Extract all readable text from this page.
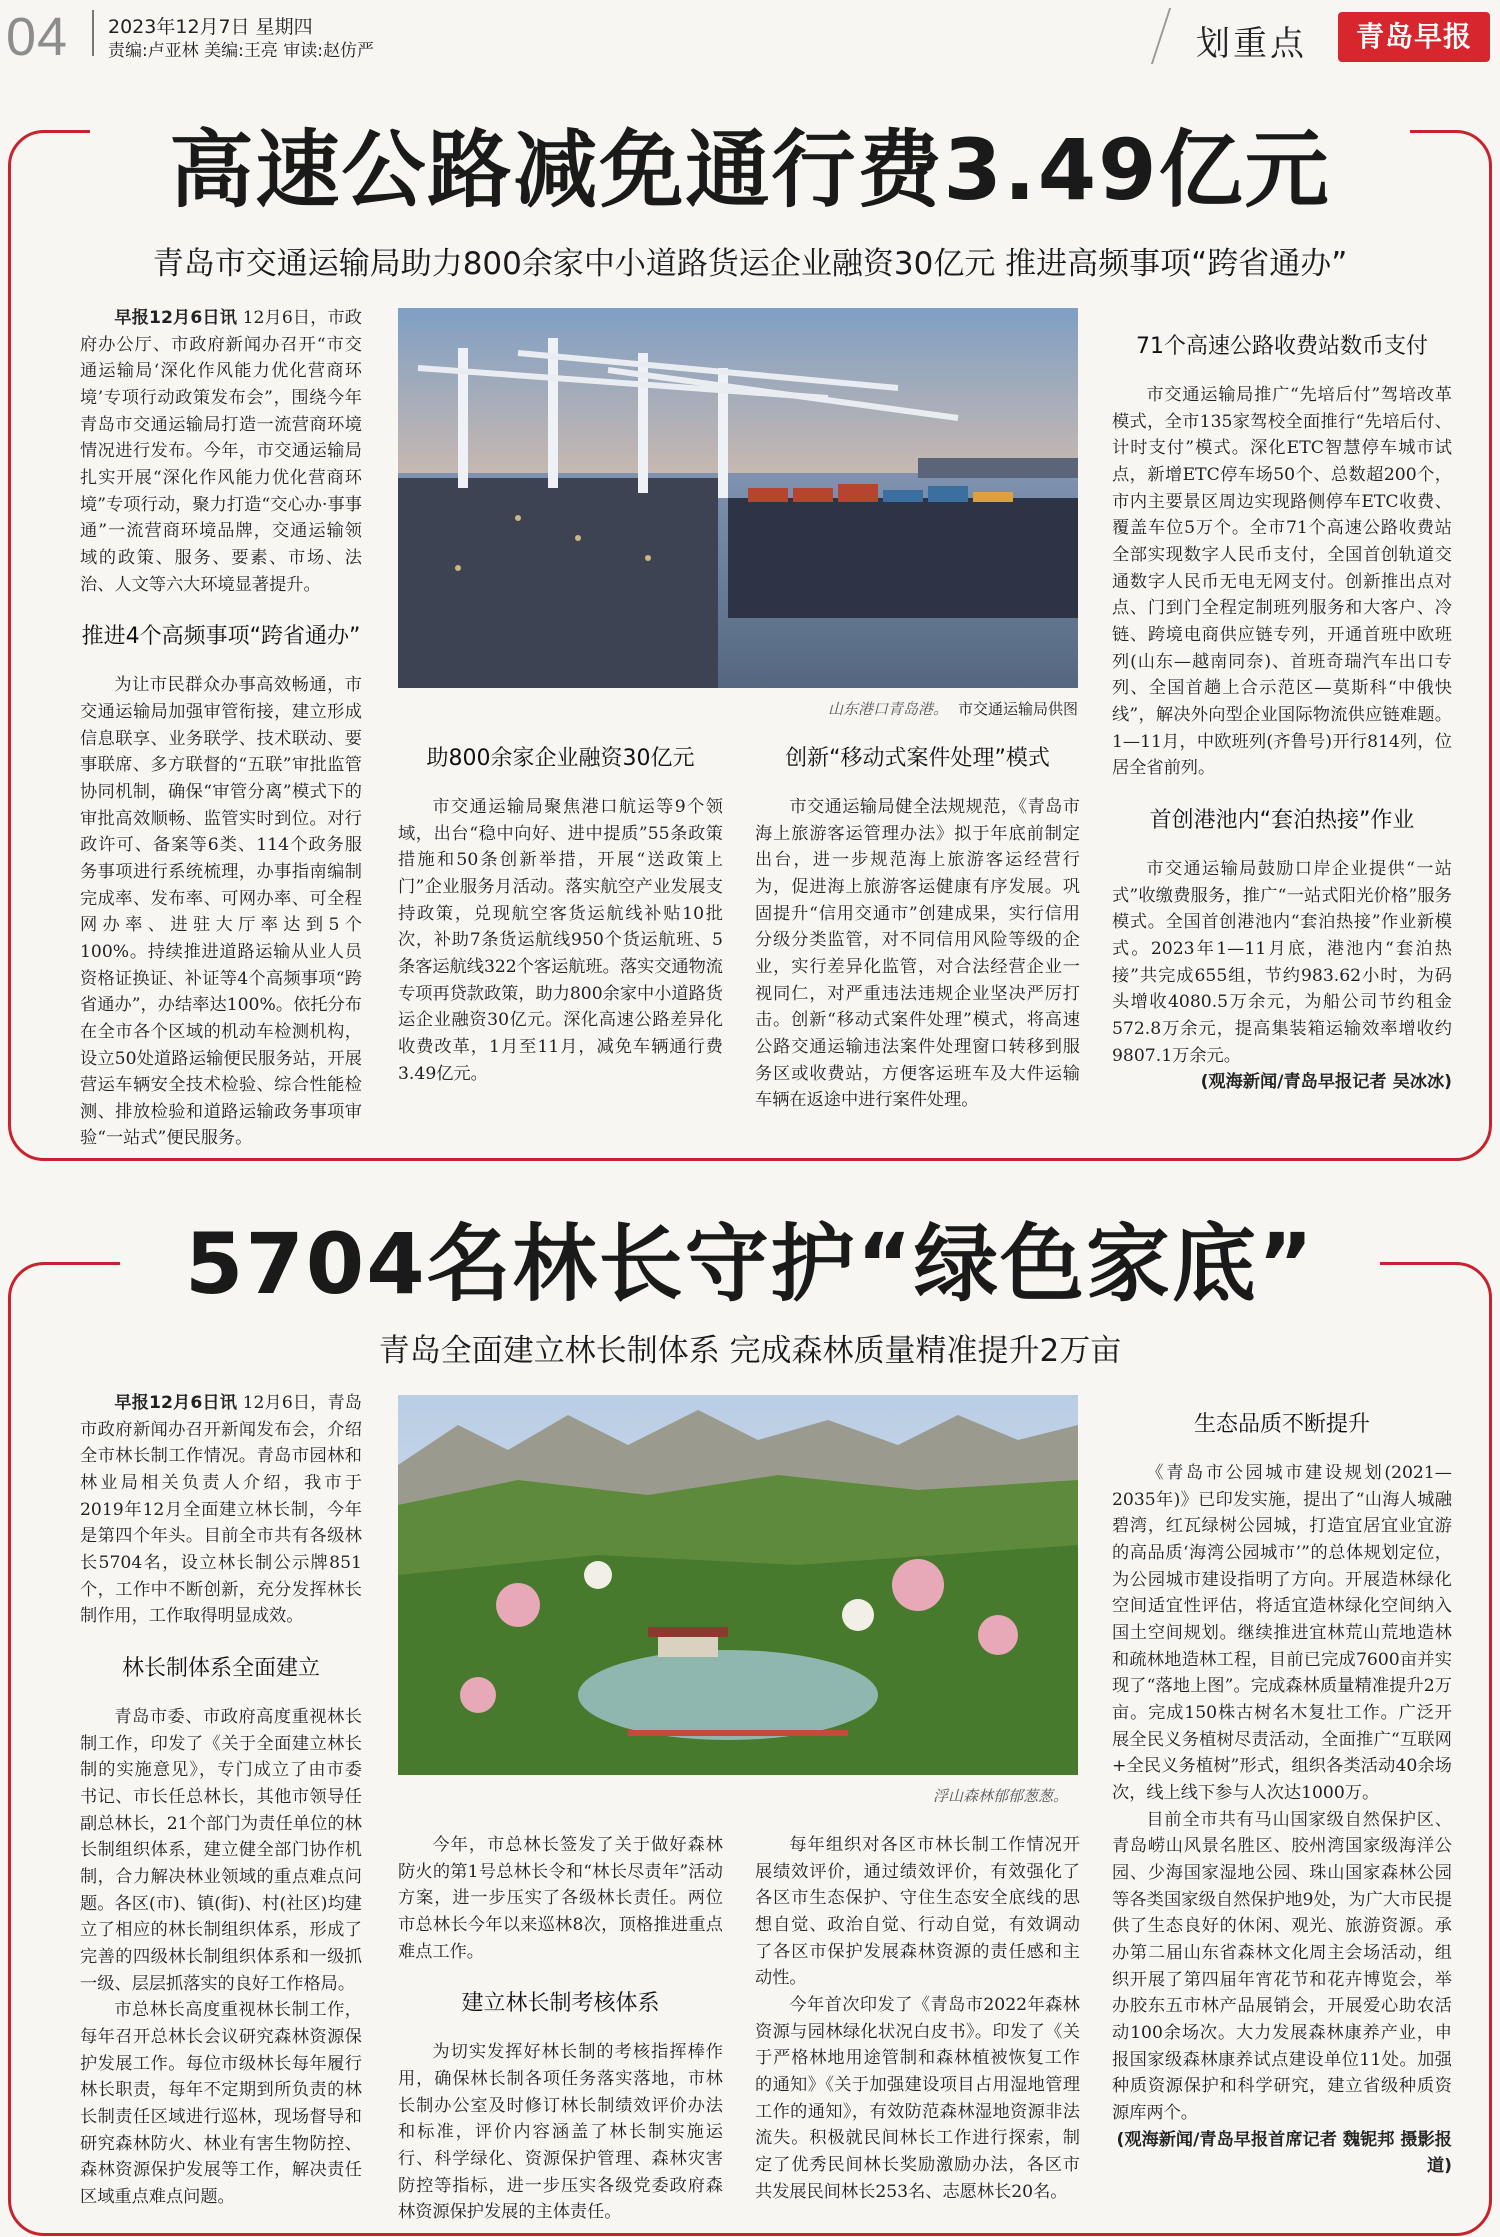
04 2023年12月7日 星期四
责编:卢亚林 美编:王亮 审读:赵仿严	划重点	青岛早报
高速公路减免通行费3.49亿元
青岛市交通运输局助力800余家中小道路货运企业融资30亿元 推进高频事项“跨省通办”

早报12月6日讯 12月6日，市政府办公厅、市政府新闻办召开“市交通运输局‘深化作风能力优化营商环境’专项行动政策发布会”，围绕今年青岛市交通运输局打造一流营商环境情况进行发布。今年，市交通运输局扎实开展“深化作风能力优化营商环境”专项行动，聚力打造“交心办·事事通”一流营商环境品牌，交通运输领域的政策、服务、要素、市场、法治、人文等六大环境显著提升。

推进4个高频事项“跨省通办”

为让市民群众办事高效畅通，市交通运输局加强审管衔接，建立形成信息联享、业务联学、技术联动、要事联席、多方联督的“五联”审批监管协同机制，确保“审管分离”模式下的审批高效顺畅、监管实时到位。对行政许可、备案等6类、114个政务服务事项进行系统梳理，办事指南编制完成率、发布率、可网办率、可全程网办率、进驻大厅率达到5个100%。持续推进道路运输从业人员资格证换证、补证等4个高频事项“跨省通办”，办结率达100%。依托分布在全市各个区域的机动车检测机构，设立50处道路运输便民服务站，开展营运车辆安全技术检验、综合性能检测、排放检验和道路运输政务事项审验“一站式”便民服务。

山东港口青岛港。 市交通运输局供图
助800余家企业融资30亿元

市交通运输局聚焦港口航运等9个领域，出台“稳中向好、进中提质”55条政策措施和50条创新举措，开展“送政策上门”企业服务月活动。落实航空产业发展支持政策，兑现航空客货运航线补贴10批次，补助7条货运航线950个货运航班、5条客运航线322个客运航班。落实交通物流专项再贷款政策，助力800余家中小道路货运企业融资30亿元。深化高速公路差异化收费改革，1月至11月，减免车辆通行费3.49亿元。

创新“移动式案件处理”模式

市交通运输局健全法规规范，《青岛市海上旅游客运管理办法》拟于年底前制定出台，进一步规范海上旅游客运经营行为，促进海上旅游客运健康有序发展。巩固提升“信用交通市”创建成果，实行信用分级分类监管，对不同信用风险等级的企业，实行差异化监管，对合法经营企业一视同仁，对严重违法违规企业坚决严厉打击。创新“移动式案件处理”模式，将高速公路交通运输违法案件处理窗口转移到服务区或收费站，方便客运班车及大件运输车辆在返途中进行案件处理。

71个高速公路收费站数币支付

市交通运输局推广“先培后付”驾培改革模式，全市135家驾校全面推行“先培后付、计时支付”模式。深化ETC智慧停车城市试点，新增ETC停车场50个、总数超200个，市内主要景区周边实现路侧停车ETC收费、覆盖车位5万个。全市71个高速公路收费站全部实现数字人民币支付，全国首创轨道交通数字人民币无电无网支付。创新推出点对点、门到门全程定制班列服务和大客户、冷链、跨境电商供应链专列，开通首班中欧班列(山东—越南同奈)、首班奇瑞汽车出口专列、全国首趟上合示范区—莫斯科“中俄快线”，解决外向型企业国际物流供应链难题。1—11月，中欧班列(齐鲁号)开行814列，位居全省前列。

首创港池内“套泊热接”作业

市交通运输局鼓励口岸企业提供“一站式”收缴费服务，推广“一站式阳光价格”服务模式。全国首创港池内“套泊热接”作业新模式。2023年1—11月底，港池内“套泊热接”共完成655组，节约983.62小时，为码头增收4080.5万余元，为船公司节约租金572.8万余元，提高集装箱运输效率增收约9807.1万余元。

(观海新闻/青岛早报记者 吴冰冰)

5704名林长守护“绿色家底”
青岛全面建立林长制体系 完成森林质量精准提升2万亩

早报12月6日讯 12月6日，青岛市政府新闻办召开新闻发布会，介绍全市林长制工作情况。青岛市园林和林业局相关负责人介绍，我市于2019年12月全面建立林长制，今年是第四个年头。目前全市共有各级林长5704名，设立林长制公示牌851个，工作中不断创新，充分发挥林长制作用，工作取得明显成效。

林长制体系全面建立

青岛市委、市政府高度重视林长制工作，印发了《关于全面建立林长制的实施意见》，专门成立了由市委书记、市长任总林长，其他市领导任副总林长，21个部门为责任单位的林长制组织体系，建立健全部门协作机制，合力解决林业领域的重点难点问题。各区(市)、镇(街)、村(社区)均建立了相应的林长制组织体系，形成了完善的四级林长制组织体系和一级抓一级、层层抓落实的良好工作格局。

市总林长高度重视林长制工作，每年召开总林长会议研究森林资源保护发展工作。每位市级林长每年履行林长职责，每年不定期到所负责的林长制责任区域进行巡林，现场督导和研究森林防火、林业有害生物防控、森林资源保护发展等工作，解决责任区域重点难点问题。

浮山森林郁郁葱葱。

今年，市总林长签发了关于做好森林防火的第1号总林长令和“林长尽责年”活动方案，进一步压实了各级林长责任。两位市总林长今年以来巡林8次，顶格推进重点难点工作。

建立林长制考核体系

为切实发挥好林长制的考核指挥棒作用，确保林长制各项任务落实落地，市林长制办公室及时修订林长制绩效评价办法和标准，评价内容涵盖了林长制实施运行、科学绿化、资源保护管理、森林灾害防控等指标，进一步压实各级党委政府森林资源保护发展的主体责任。

每年组织对各区市林长制工作情况开展绩效评价，通过绩效评价，有效强化了各区市生态保护、守住生态安全底线的思想自觉、政治自觉、行动自觉，有效调动了各区市保护发展森林资源的责任感和主动性。

今年首次印发了《青岛市2022年森林资源与园林绿化状况白皮书》。印发了《关于严格林地用途管制和森林植被恢复工作的通知》《关于加强建设项目占用湿地管理工作的通知》，有效防范森林湿地资源非法流失。积极就民间林长工作进行探索，制定了优秀民间林长奖励激励办法，各区市共发展民间林长253名、志愿林长20名。

生态品质不断提升

《青岛市公园城市建设规划(2021—2035年)》已印发实施，提出了“山海人城融碧湾，红瓦绿树公园城，打造宜居宜业宜游的高品质‘海湾公园城市’”的总体规划定位，为公园城市建设指明了方向。开展造林绿化空间适宜性评估，将适宜造林绿化空间纳入国土空间规划。继续推进宜林荒山荒地造林和疏林地造林工程，目前已完成7600亩并实现了“落地上图”。完成森林质量精准提升2万亩。完成150株古树名木复壮工作。广泛开展全民义务植树尽责活动，全面推广“互联网+全民义务植树”形式，组织各类活动40余场次，线上线下参与人次达1000万。

目前全市共有马山国家级自然保护区、青岛崂山风景名胜区、胶州湾国家级海洋公园、少海国家湿地公园、珠山国家森林公园等各类国家级自然保护地9处，为广大市民提供了生态良好的休闲、观光、旅游资源。承办第二届山东省森林文化周主会场活动，组织开展了第四届年宵花节和花卉博览会，举办胶东五市林产品展销会，开展爱心助农活动100余场次。大力发展森林康养产业，申报国家级森林康养试点建设单位11处。加强种质资源保护和科学研究，建立省级种质资源库两个。

(观海新闻/青岛早报首席记者 魏铌邦 摄影报道)
